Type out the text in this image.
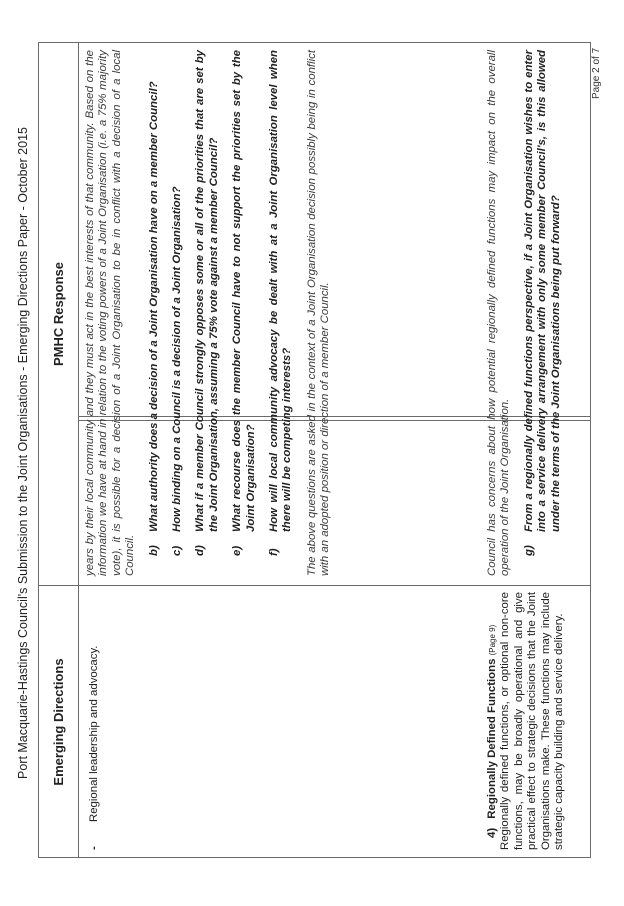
Port Macquarie-Hastings Council's Submission to the Joint Organisations - Emerging Directions Paper - October 2015	Emerging Directions
PMHC Response
-
Regional leadership and advocacy.

years by their local community and they must act in the best interests of that community. Based on the information we have at hand in relation to the voting powers of a Joint Organisation (i.e. a 75% majority vote), it is possible for a decision of a Joint Organisation to be in conflict with a decision of a local Council. b)
What authority does a decision of a Joint Organisation have on a member Council?
c)
How binding on a Council is a decision of a Joint Organisation?
d)
What if a member Council strongly opposes some or all of the priorities that are set by the Joint Organisation, assuming a 75% vote against a member Council?
e)
What recourse does the member Council have to not support the priorities set by the Joint Organisation?
f)
How will local community advocacy be dealt with at a Joint Organisation level when there will be competing interests? The above questions are asked in the context of a Joint Organisation decision possibly being in conflict with an adopted position or direction of a member Council.

4) Regionally Defined Functions (Page 9) Regionally defined functions, or optional non-core functions, may be broadly operational and give practical effect to strategic decisions that the Joint Organisations make. These functions may include strategic capacity building and service delivery.

Council has concerns about how potential regionally defined functions may impact on the overall operation of the Joint Organisation. g)
From a regionally defined functions perspective, if a Joint Organisation wishes to enter into a service delivery arrangement with only some member Council's, is this allowed under the terms of the Joint Organisations being put forward?
Page 2 of 7
